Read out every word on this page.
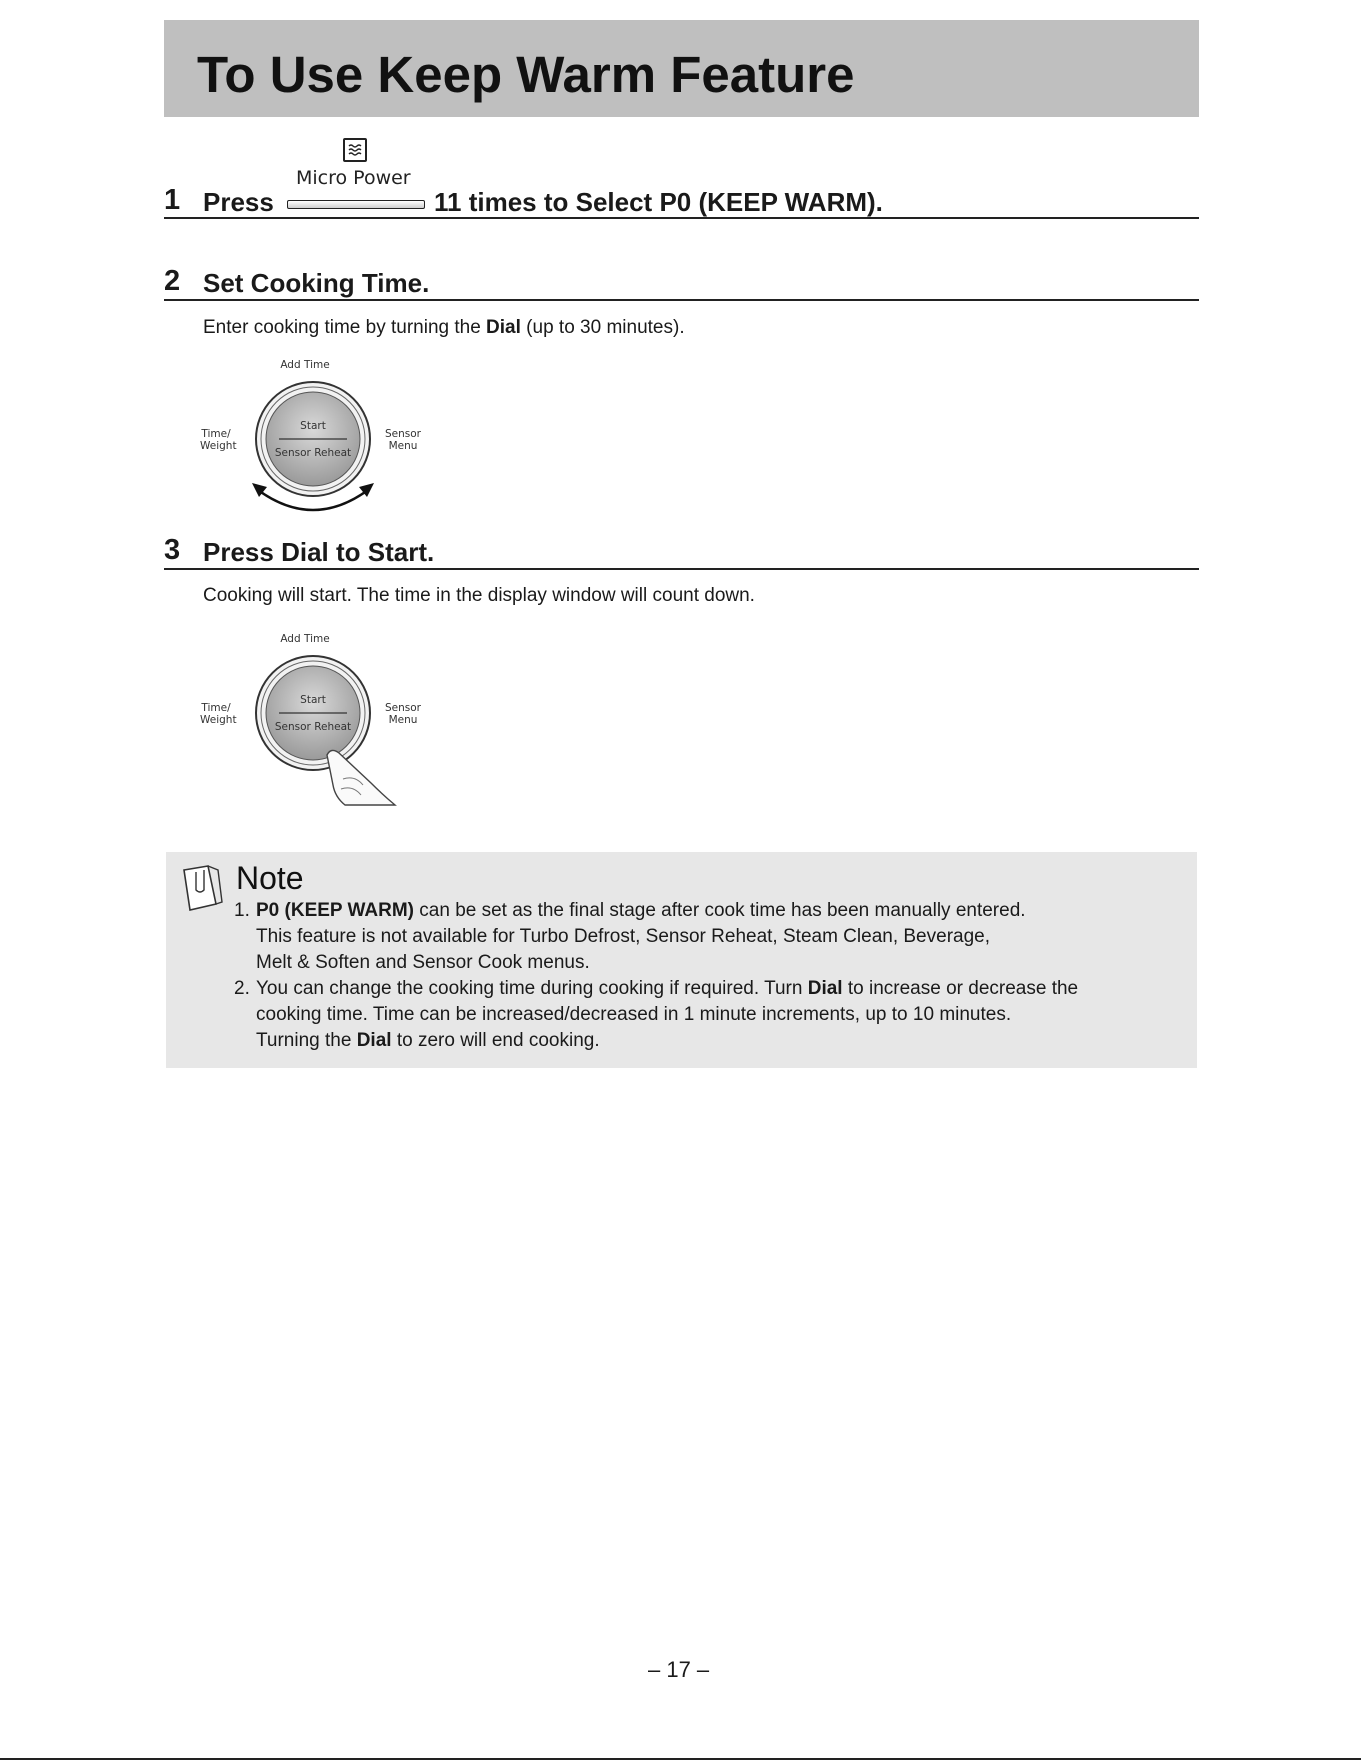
To Use Keep Warm Feature
1 Press
Micro Power
11 times to Select P0 (KEEP WARM).
2 Set Cooking Time.
Enter cooking time by turning the Dial (up to 30 minutes).
Add Time
Time/
Weight
Sensor
Menu
Start
Sensor Reheat
3 Press Dial to Start.
Cooking will start. The time in the display window will count down.
Add Time
Time/
Weight
Sensor
Menu
Start
Sensor Reheat
Note
1. P0 (KEEP WARM) can be set as the final stage after cook time has been manually entered.
This feature is not available for Turbo Defrost, Sensor Reheat, Steam Clean, Beverage,
Melt & Soften and Sensor Cook menus.
2. You can change the cooking time during cooking if required. Turn Dial to increase or decrease the
cooking time. Time can be increased/decreased in 1 minute increments, up to 10 minutes.
Turning the Dial to zero will end cooking.
– 17 –
